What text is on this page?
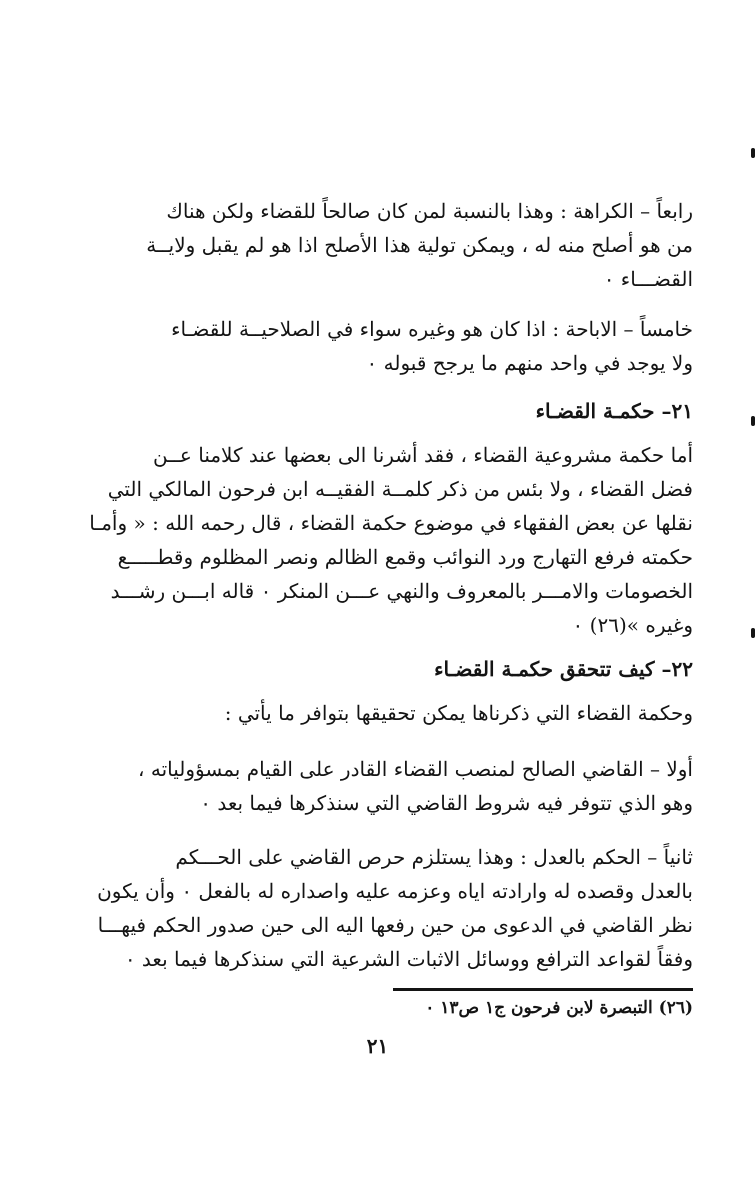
رابعاً – الكراهة : وهذا بالنسبة لمن كان صالحاً للقضاء ولكن هناك
من هو أصلح منه له ، ويمكن تولية هذا الأصلح اذا هو لم يقبل ولايــة
القضـــاء ٠
خامساً – الاباحة : اذا كان هو وغيره سواء في الصلاحيــة للقضـاء
ولا يوجد في واحد منهم ما يرجح قبوله ٠
٢١– حكمـة القضـاء
أما حكمة مشروعية القضاء ، فقد أشرنا الى بعضها عند كلامنا عــن
فضل القضاء ، ولا بئس من ذكر كلمــة الفقيــه ابن فرحون المالكي التي
نقلها عن بعض الفقهاء في موضوع حكمة القضاء ، قال رحمه الله : « وأمـا
حكمته فرفع التهارج ورد النوائب وقمع الظالم ونصر المظلوم وقطـــــع
الخصومات والامـــر بالمعروف والنهي عـــن المنكر ٠ قاله ابـــن رشـــد
وغيره »(٢٦) ٠
٢٢– كيف تتحقق حكمـة القضـاء
وحكمة القضاء التي ذكرناها يمكن تحقيقها بتوافر ما يأتي :
أولا – القاضي الصالح لمنصب القضاء القادر على القيام بمسؤولياته ،
وهو الذي تتوفر فيه شروط القاضي التي سنذكرها فيما بعد ٠
ثانياً – الحكم بالعدل : وهذا يستلزم حرص القاضي على الحـــكم
بالعدل وقصده له وارادته اياه وعزمه عليه واصداره له بالفعل ٠ وأن يكون
نظر القاضي في الدعوى من حين رفعها اليه الى حين صدور الحكم فيهـــا
وفقاً لقواعد الترافع ووسائل الاثبات الشرعية التي سنذكرها فيما بعد ٠
(٢٦) التبصرة لابن فرحون ج١ ص١٣ ٠
٢١
